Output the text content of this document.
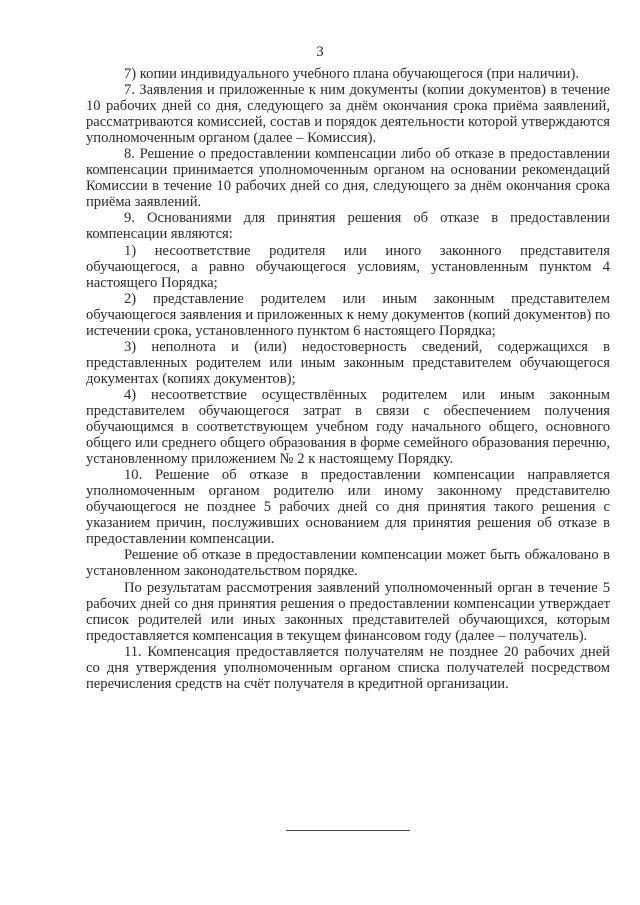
3

7) копии индивидуального учебного плана обучающегося (при наличии).

7. Заявления и приложенные к ним документы (копии документов) в течение 10 рабочих дней со дня, следующего за днём окончания срока приёма заявлений, рассматриваются комиссией, состав и порядок деятельности которой утверждаются уполномоченным органом (далее – Комиссия).

8. Решение о предоставлении компенсации либо об отказе в предоставлении компенсации принимается уполномоченным органом на основании рекомендаций Комиссии в течение 10 рабочих дней со дня, следующего за днём окончания срока приёма заявлений.

9. Основаниями для принятия решения об отказе в предоставлении компенсации являются:

1) несоответствие родителя или иного законного представителя обучающегося, а равно обучающегося условиям, установленным пунктом 4 настоящего Порядка;

2) представление родителем или иным законным представителем обучающегося заявления и приложенных к нему документов (копий документов) по истечении срока, установленного пунктом 6 настоящего Порядка;

3) неполнота и (или) недостоверность сведений, содержащихся в представленных родителем или иным законным представителем обучающегося документах (копиях документов);

4) несоответствие осуществлённых родителем или иным законным представителем обучающегося затрат в связи с обеспечением получения обучающимся в соответствующем учебном году начального общего, основного общего или среднего общего образования в форме семейного образования перечню, установленному приложением № 2 к настоящему Порядку.

10. Решение об отказе в предоставлении компенсации направляется уполномоченным органом родителю или иному законному представителю обучающегося не позднее 5 рабочих дней со дня принятия такого решения с указанием причин, послуживших основанием для принятия решения об отказе в предоставлении компенсации.

Решение об отказе в предоставлении компенсации может быть обжаловано в установленном законодательством порядке.

По результатам рассмотрения заявлений уполномоченный орган в течение 5 рабочих дней со дня принятия решения о предоставлении компенсации утверждает список родителей или иных законных представителей обучающихся, которым предоставляется компенсация в текущем финансовом году (далее – получатель).

11. Компенсация предоставляется получателям не позднее 20 рабочих дней со дня утверждения уполномоченным органом списка получателей посредством перечисления средств на счёт получателя в кредитной организации.
